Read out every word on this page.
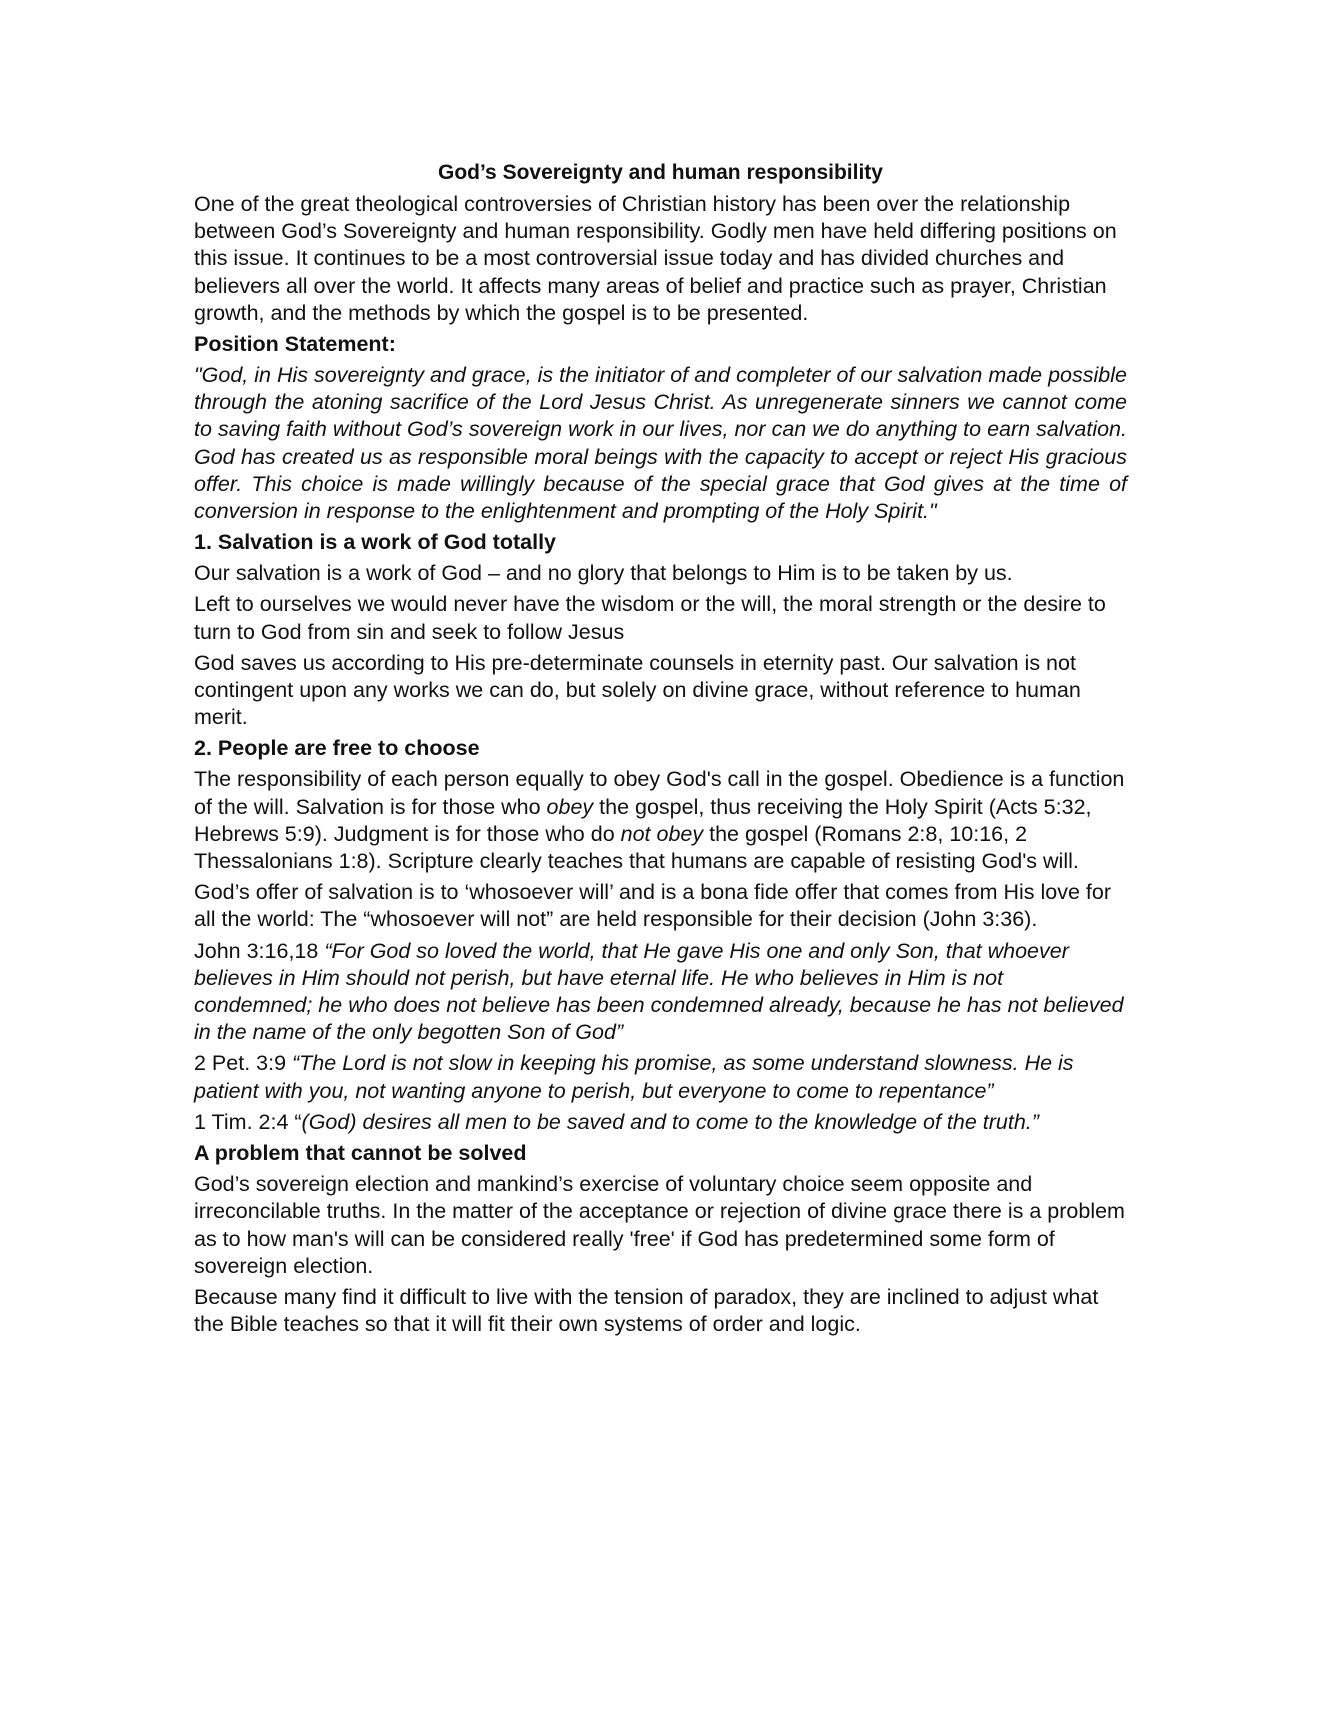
God’s Sovereignty and human responsibility

One of the great theological controversies of Christian history has been over the relationship between God’s Sovereignty and human responsibility. Godly men have held differing positions on this issue. It continues to be a most controversial issue today and has divided churches and believers all over the world. It affects many areas of belief and practice such as prayer, Christian growth, and the methods by which the gospel is to be presented.

Position Statement:

"God, in His sovereignty and grace, is the initiator of and completer of our salvation made possible through the atoning sacrifice of the Lord Jesus Christ. As unregenerate sinners we cannot come to saving faith without God’s sovereign work in our lives, nor can we do anything to earn salvation. God has created us as responsible moral beings with the capacity to accept or reject His gracious offer. This choice is made willingly because of the special grace that God gives at the time of conversion in response to the enlightenment and prompting of the Holy Spirit."

1. Salvation is a work of God totally

Our salvation is a work of God – and no glory that belongs to Him is to be taken by us.

Left to ourselves we would never have the wisdom or the will, the moral strength or the desire to turn to God from sin and seek to follow Jesus

God saves us according to His pre-determinate counsels in eternity past. Our salvation is not contingent upon any works we can do, but solely on divine grace, without reference to human merit.

2. People are free to choose

The responsibility of each person equally to obey God's call in the gospel. Obedience is a function of the will. Salvation is for those who obey the gospel, thus receiving the Holy Spirit (Acts 5:32, Hebrews 5:9). Judgment is for those who do not obey the gospel (Romans 2:8, 10:16, 2 Thessalonians 1:8). Scripture clearly teaches that humans are capable of resisting God's will.

God’s offer of salvation is to ‘whosoever will’ and is a bona fide offer that comes from His love for all the world: The “whosoever will not” are held responsible for their decision (John 3:36).

John 3:16,18 “For God so loved the world, that He gave His one and only Son, that whoever believes in Him should not perish, but have eternal life. He who believes in Him is not condemned; he who does not believe has been condemned already, because he has not believed in the name of the only begotten Son of God”

2 Pet. 3:9 “The Lord is not slow in keeping his promise, as some understand slowness. He is patient with you, not wanting anyone to perish, but everyone to come to repentance”

1 Tim. 2:4 “(God) desires all men to be saved and to come to the knowledge of the truth.”

A problem that cannot be solved

God’s sovereign election and mankind’s exercise of voluntary choice seem opposite and irreconcilable truths. In the matter of the acceptance or rejection of divine grace there is a problem as to how man's will can be considered really 'free' if God has predetermined some form of sovereign election.

Because many find it difficult to live with the tension of paradox, they are inclined to adjust what the Bible teaches so that it will fit their own systems of order and logic.
